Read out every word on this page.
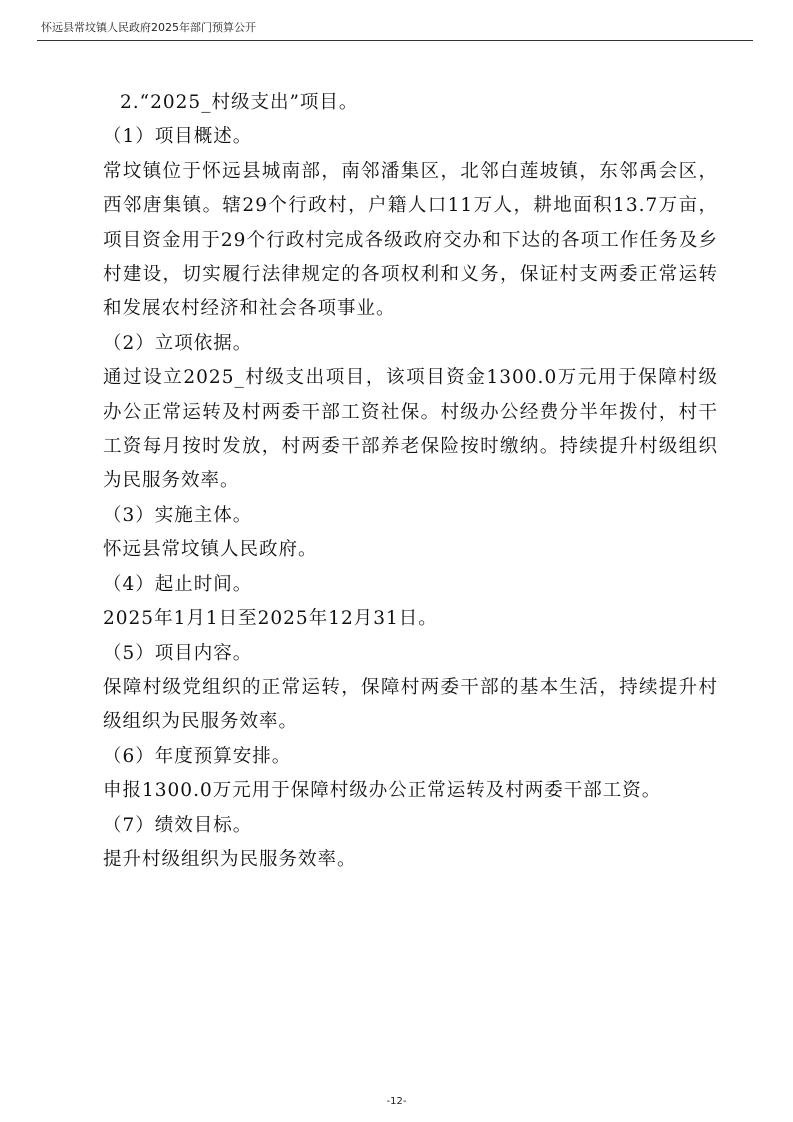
怀远县常坟镇人民政府2025年部门预算公开

2.“2025_村级支出”项目。

（1）项目概述。

常坟镇位于怀远县城南部，南邻潘集区，北邻白莲坡镇，东邻禹会区，西邻唐集镇。辖29个行政村，户籍人口11万人，耕地面积13.7万亩，项目资金用于29个行政村完成各级政府交办和下达的各项工作任务及乡村建设，切实履行法律规定的各项权利和义务，保证村支两委正常运转和发展农村经济和社会各项事业。

（2）立项依据。

通过设立2025_村级支出项目，该项目资金1300.0万元用于保障村级办公正常运转及村两委干部工资社保。村级办公经费分半年拨付，村干工资每月按时发放，村两委干部养老保险按时缴纳。持续提升村级组织为民服务效率。

（3）实施主体。

怀远县常坟镇人民政府。

（4）起止时间。

2025年1月1日至2025年12月31日。

（5）项目内容。

保障村级党组织的正常运转，保障村两委干部的基本生活，持续提升村级组织为民服务效率。

（6）年度预算安排。

申报1300.0万元用于保障村级办公正常运转及村两委干部工资。

（7）绩效目标。

提升村级组织为民服务效率。

-12-
